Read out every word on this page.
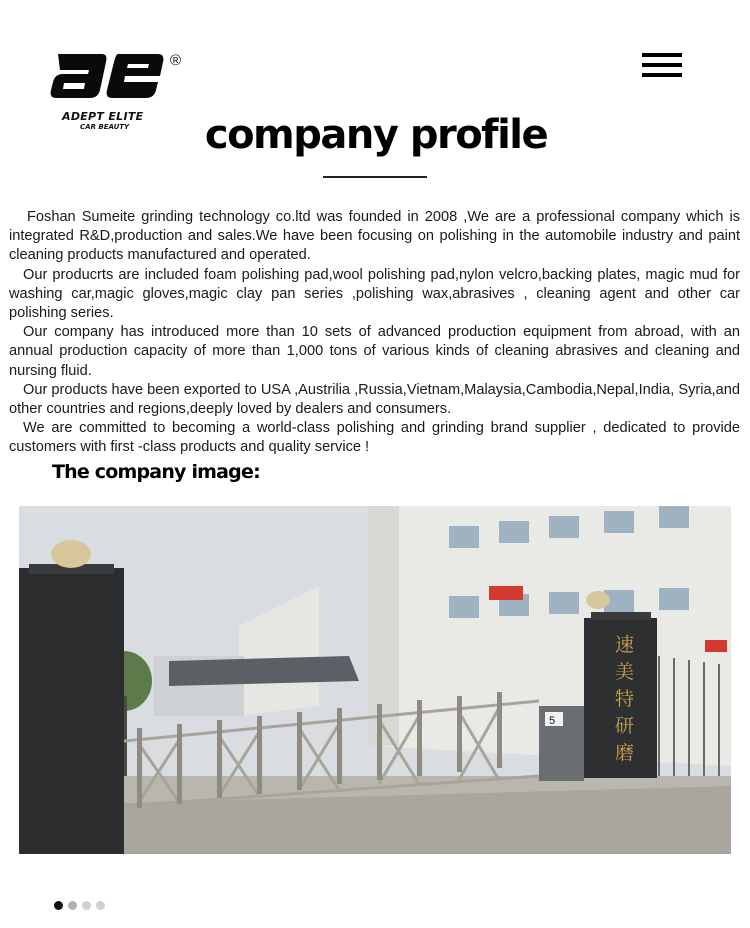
ADEPT ELITE
CAR BEAUTY
®
company profile

Foshan Sumeite grinding technology co.ltd was founded in 2008 ,We are a professional company which is integrated R&D,production and sales.We have been focusing on polishing in the automobile industry and paint cleaning products manufactured and operated.

Our producrts are included foam polishing pad,wool polishing pad,nylon velcro,backing plates, magic mud for washing car,magic gloves,magic clay pan series ,polishing wax,abrasives , cleaning agent and other car polishing series.

Our company has introduced more than 10 sets of advanced production equipment from abroad, with an annual production capacity of more than 1,000 tons of various kinds of cleaning abrasives and cleaning and nursing fluid.

Our products have been exported to USA ,Austrilia ,Russia,Vietnam,Malaysia,Cambodia,Nepal,India, Syria,and other countries and regions,deeply loved by dealers and consumers.

We are committed to becoming a world-class polishing and grinding brand supplier , dedicated to provide customers with first -class products and quality service !

The company image:
速
美
特
研
磨
5
